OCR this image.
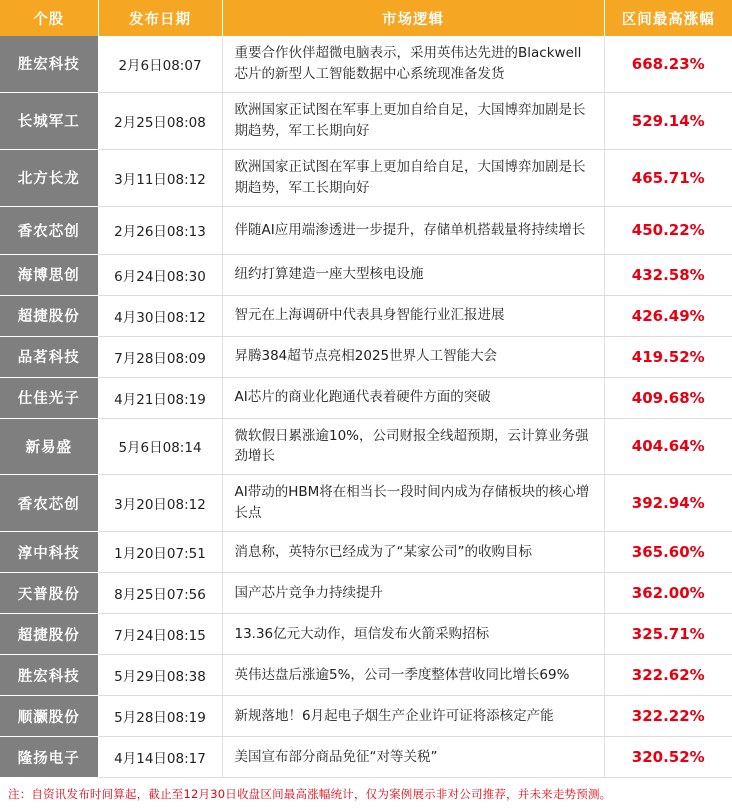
个股	发布日期	市场逻辑	区间最高涨幅
胜宏科技	2月6日08:07	重要合作伙伴超微电脑表示，采用英伟达先进的Blackwell芯片的新型人工智能数据中心系统现准备发货	668.23%
长城军工	2月25日08:08	欧洲国家正试图在军事上更加自给自足，大国博弈加剧是长期趋势，军工长期向好	529.14%
北方长龙	3月11日08:12	欧洲国家正试图在军事上更加自给自足，大国博弈加剧是长期趋势，军工长期向好	465.71%
香农芯创	2月26日08:13	伴随AI应用端渗透进一步提升，存储单机搭载量将持续增长	450.22%
海博思创	6月24日08:30	纽约打算建造一座大型核电设施	432.58%
超捷股份	4月30日08:12	智元在上海调研中代表具身智能行业汇报进展	426.49%
品茗科技	7月28日08:09	昇腾384超节点亮相2025世界人工智能大会	419.52%
仕佳光子	4月21日08:19	AI芯片的商业化跑通代表着硬件方面的突破	409.68%
新易盛	5月6日08:14	微软假日累涨逾10%，公司财报全线超预期，云计算业务强劲增长	404.64%
香农芯创	3月20日08:12	AI带动的HBM将在相当长一段时间内成为存储板块的核心增长点	392.94%
淳中科技	1月20日07:51	消息称，英特尔已经成为了“某家公司”的收购目标	365.60%
天普股份	8月25日07:56	国产芯片竞争力持续提升	362.00%
超捷股份	7月24日08:15	13.36亿元大动作，垣信发布火箭采购招标	325.71%
胜宏科技	5月29日08:38	英伟达盘后涨逾5%，公司一季度整体营收同比增长69%	322.62%
顺灏股份	5月28日08:19	新规落地！6月起电子烟生产企业许可证将添核定产能	322.22%
隆扬电子	4月14日08:17	美国宣布部分商品免征“对等关税”	320.52%
注：自资讯发布时间算起，截止至12月30日收盘区间最高涨幅统计，仅为案例展示非对公司推荐，并未来走势预测。
